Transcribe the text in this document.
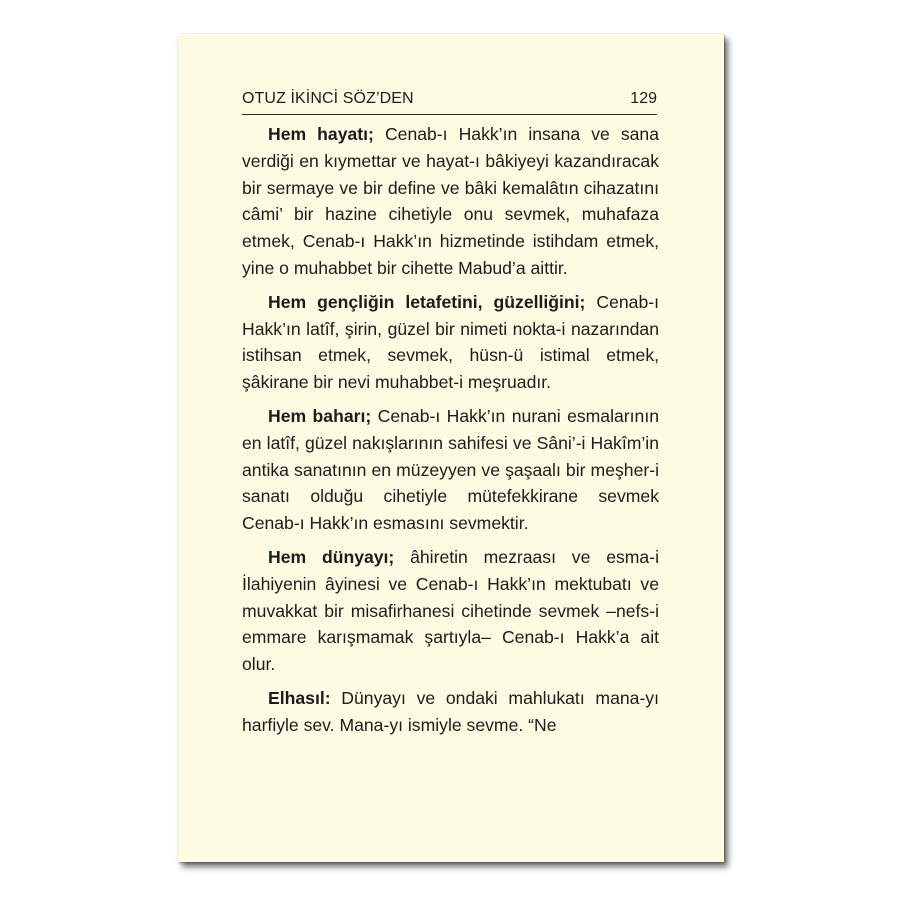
OTUZ İKİNCİ SÖZ’DEN	129

Hem hayatı; Cenab-ı Hakk’ın insana ve sana verdiği en kıymettar ve hayat-ı bâkiyeyi kazandıracak bir sermaye ve bir define ve bâki kemalâtın cihazatını câmi’ bir hazine cihetiyle onu sevmek, muhafaza etmek, Cenab-ı Hakk’ın hizmetinde istihdam etmek, yine o muhabbet bir cihette Mabud’a aittir.

Hem gençliğin letafetini, güzelliğini; Cenab-ı Hakk’ın latîf, şirin, güzel bir nimeti nokta-i nazarından istihsan etmek, sevmek, hüsn-ü istimal etmek, şâkirane bir nevi muhabbet-i meşruadır.

Hem baharı; Cenab-ı Hakk’ın nurani esmalarının en latîf, güzel nakışlarının sahifesi ve Sâni’-i Hakîm’in antika sanatının en müzeyyen ve şaşaalı bir meşher-i sanatı olduğu cihetiyle mütefekkirane sevmek Cenab-ı Hakk’ın esmasını sevmektir.

Hem dünyayı; âhiretin mezraası ve esma-i İlahiyenin âyinesi ve Cenab-ı Hakk’ın mektubatı ve muvakkat bir misafirhanesi cihetinde sevmek –nefs-i emmare karışmamak şartıyla– Cenab-ı Hakk’a ait olur.

Elhasıl: Dünyayı ve ondaki mahlukatı mana-yı harfiyle sev. Mana-yı ismiyle sevme. “Ne
